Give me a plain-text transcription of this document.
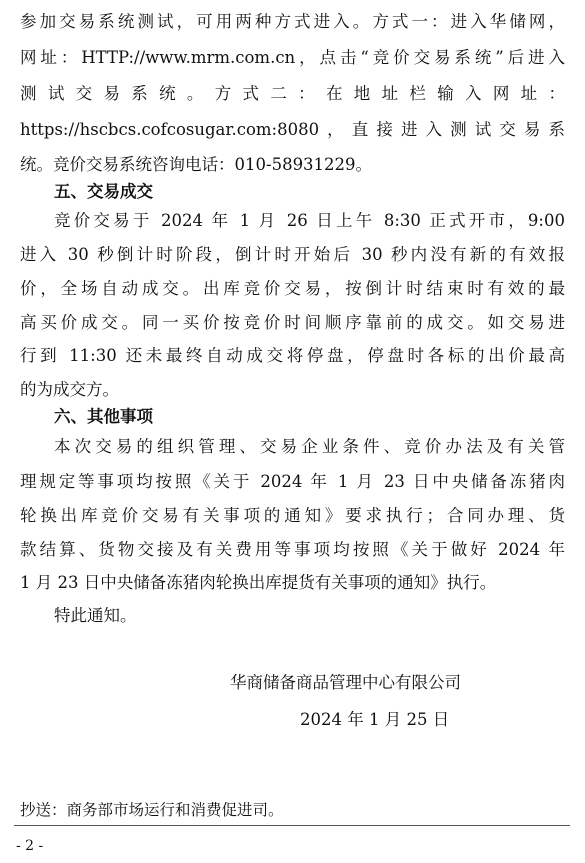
参加交易系统测试，可用两种方式进入。方式一：进入华储网，
网址：HTTP://www.mrm.com.cn，点击“竞价交易系统”后进入
测试交易系统。方式二：在地址栏输入网址：
https://hscbcs.cofcosugar.com:8080，直接进入测试交易系
统。竞价交易系统咨询电话：010-58931229。
五、交易成交
竞价交易于 2024 年 1 月 26 日上午 8:30 正式开市，9:00
进入 30 秒倒计时阶段，倒计时开始后 30 秒内没有新的有效报
价，全场自动成交。出库竞价交易，按倒计时结束时有效的最
高买价成交。同一买价按竞价时间顺序靠前的成交。如交易进
行到 11:30 还未最终自动成交将停盘，停盘时各标的出价最高
的为成交方。
六、其他事项
本次交易的组织管理、交易企业条件、竞价办法及有关管
理规定等事项均按照《关于 2024 年 1 月 23 日中央储备冻猪肉
轮换出库竞价交易有关事项的通知》要求执行；合同办理、货
款结算、货物交接及有关费用等事项均按照《关于做好 2024 年
1 月 23 日中央储备冻猪肉轮换出库提货有关事项的通知》执行。
特此通知。
华商储备商品管理中心有限公司
2024 年 1 月 25 日
抄送：商务部市场运行和消费促进司。
- 2 -
